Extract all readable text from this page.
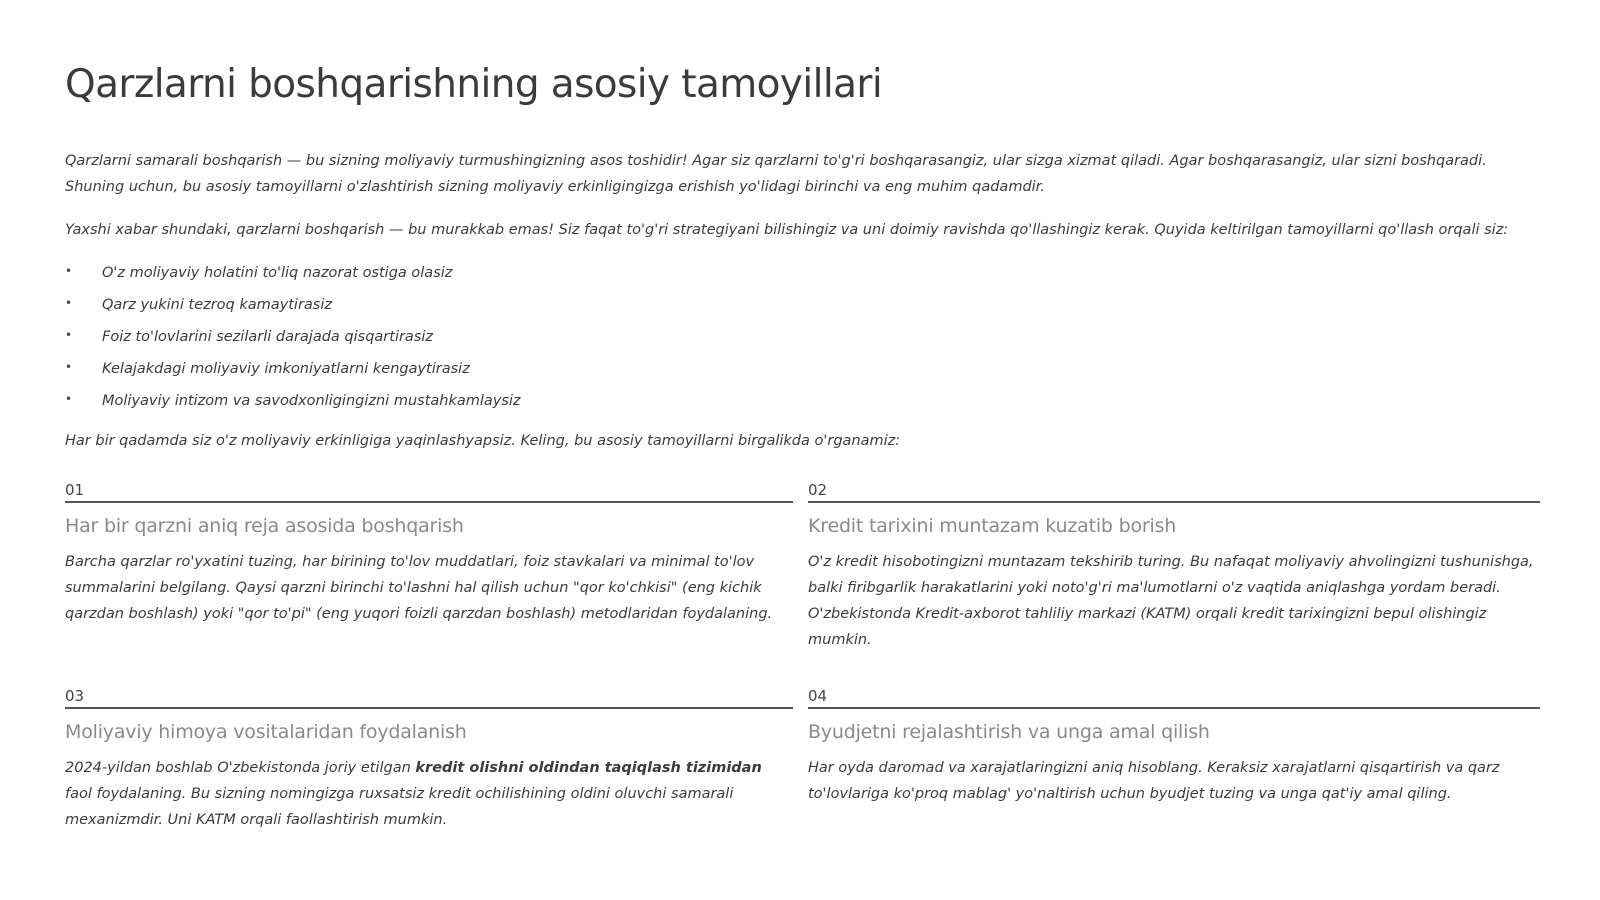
Qarzlarni boshqarishning asosiy tamoyillari

Qarzlarni samarali boshqarish — bu sizning moliyaviy turmushingizning asos toshidir! Agar siz qarzlarni to'g'ri boshqarasangiz, ular sizga xizmat qiladi. Agar boshqarasangiz, ular sizni boshqaradi. Shuning uchun, bu asosiy tamoyillarni o'zlashtirish sizning moliyaviy erkinligingizga erishish yo'lidagi birinchi va eng muhim qadamdir.

Yaxshi xabar shundaki, qarzlarni boshqarish — bu murakkab emas! Siz faqat to'g'ri strategiyani bilishingiz va uni doimiy ravishda qo'llashingiz kerak. Quyida keltirilgan tamoyillarni qo'llash orqali siz:

• O'z moliyaviy holatini to'liq nazorat ostiga olasiz
• Qarz yukini tezroq kamaytirasiz
• Foiz to'lovlarini sezilarli darajada qisqartirasiz
• Kelajakdagi moliyaviy imkoniyatlarni kengaytirasiz
• Moliyaviy intizom va savodxonligingizni mustahkamlaysiz

Har bir qadamda siz o'z moliyaviy erkinligiga yaqinlashyapsiz. Keling, bu asosiy tamoyillarni birgalikda o'rganamiz:

01
Har bir qarzni aniq reja asosida boshqarish
Barcha qarzlar ro'yxatini tuzing, har birining to'lov muddatlari, foiz stavkalari va minimal to'lov summalarini belgilang. Qaysi qarzni birinchi to'lashni hal qilish uchun "qor ko'chkisi" (eng kichik qarzdan boshlash) yoki "qor to'pi" (eng yuqori foizli qarzdan boshlash) metodlaridan foydalaning.
02
Kredit tarixini muntazam kuzatib borish
O'z kredit hisobotingizni muntazam tekshirib turing. Bu nafaqat moliyaviy ahvolingizni tushunishga, balki firibgarlik harakatlarini yoki noto'g'ri ma'lumotlarni o'z vaqtida aniqlashga yordam beradi. O'zbekistonda Kredit-axborot tahliliy markazi (KATM) orqali kredit tarixingizni bepul olishingiz mumkin.
03
Moliyaviy himoya vositalaridan foydalanish
2024-yildan boshlab O'zbekistonda joriy etilgan kredit olishni oldindan taqiqlash tizimidan faol foydalaning. Bu sizning nomingizga ruxsatsiz kredit ochilishining oldini oluvchi samarali mexanizmdir. Uni KATM orqali faollashtirish mumkin.
04
Byudjetni rejalashtirish va unga amal qilish
Har oyda daromad va xarajatlaringizni aniq hisoblang. Keraksiz xarajatlarni qisqartirish va qarz to'lovlariga ko'proq mablag' yo'naltirish uchun byudjet tuzing va unga qat'iy amal qiling.
